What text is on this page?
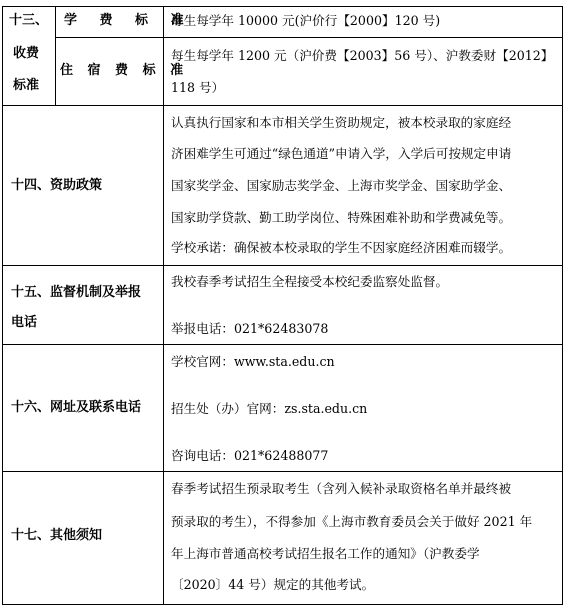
十三、
收费
标准
学 费 标 准
每生每学年 10000 元(沪价行【2000】120 号)
住 宿 费 标 准
每生每学年 1200 元（沪价费【2003】56 号）、沪教委财【2012】
118 号）
十四、资助政策
认真执行国家和本市相关学生资助规定，被本校录取的家庭经
济困难学生可通过“绿色通道”申请入学，入学后可按规定申请
国家奖学金、国家励志奖学金、上海市奖学金、国家助学金、
国家助学贷款、勤工助学岗位、特殊困难补助和学费减免等。
学校承诺：确保被本校录取的学生不因家庭经济困难而辍学。
十五、监督机制及举报
电话
我校春季考试招生全程接受本校纪委监察处监督。
举报电话：021*62483078
十六、网址及联系电话
学校官网：www.sta.edu.cn
招生处（办）官网：zs.sta.edu.cn
咨询电话：021*62488077
十七、其他须知
春季考试招生预录取考生（含列入候补录取资格名单并最终被
预录取的考生），不得参加《上海市教育委员会关于做好 2021 年
年上海市普通高校考试招生报名工作的通知》（沪教委学
〔2020〕44 号）规定的其他考试。
